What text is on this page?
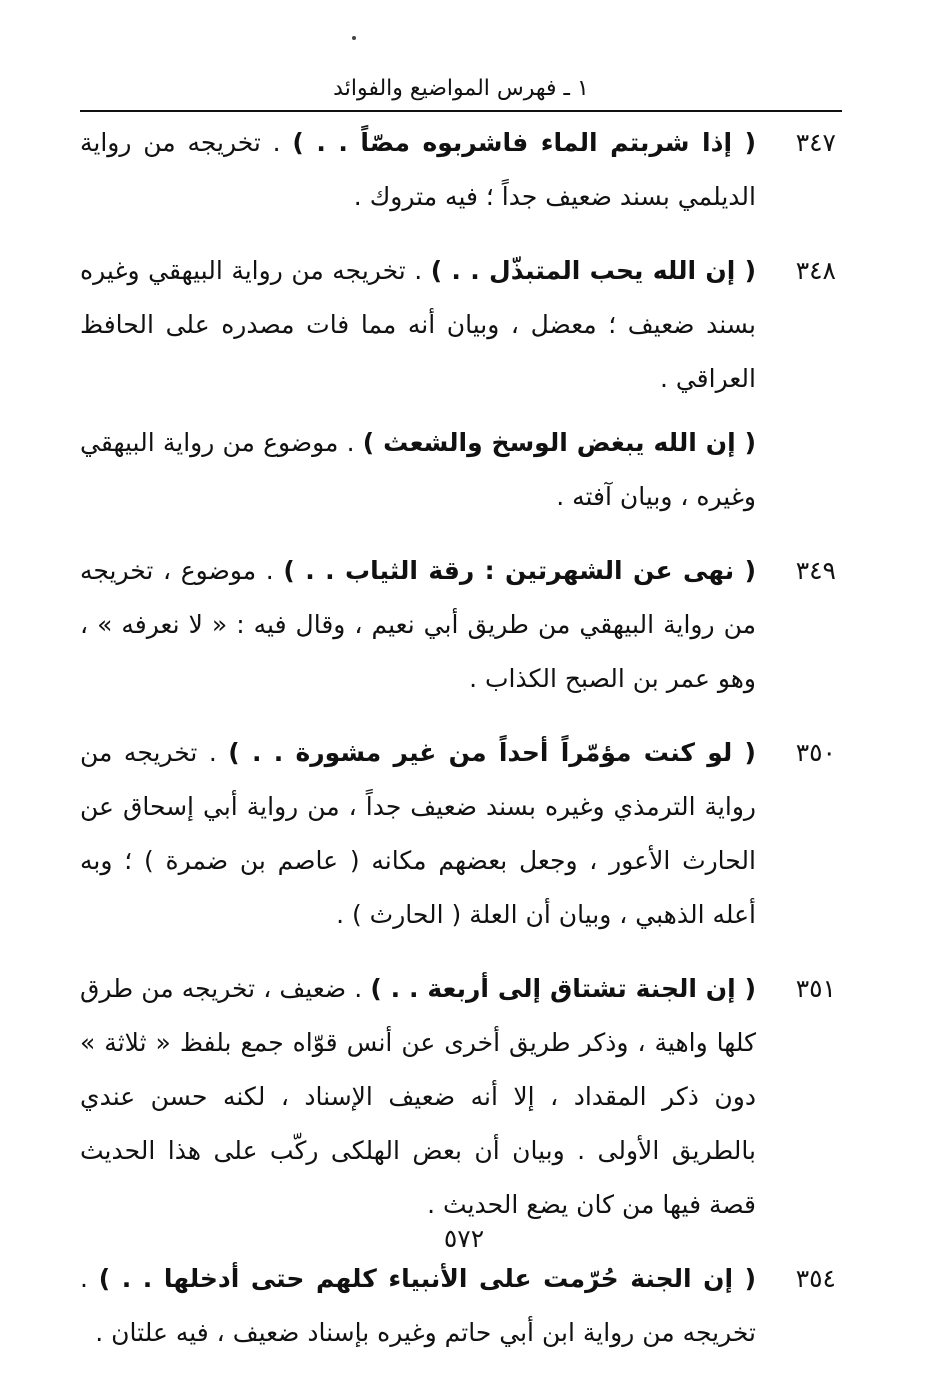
١ ـ فهرس المواضيع والفوائد
٣٤٧

( إذا شربتم الماء فاشربوه مصّاً . . ) . تخريجه من رواية الديلمي بسند ضعيف جداً ؛ فيه متروك .

٣٤٨

( إن الله يحب المتبذّل . . ) . تخريجه من رواية البيهقي وغيره بسند ضعيف ؛ معضل ، وبيان أنه مما فات مصدره على الحافظ العراقي .

( إن الله يبغض الوسخ والشعث ) . موضوع من رواية البيهقي وغيره ، وبيان آفته .

٣٤٩

( نهى عن الشهرتين : رقة الثياب . . ) . موضوع ، تخريجه من رواية البيهقي من طريق أبي نعيم ، وقال فيه : « لا نعرفه » ، وهو عمر بن الصبح الكذاب .

٣٥٠

( لو كنت مؤمّراً أحداً من غير مشورة . . ) . تخريجه من رواية الترمذي وغيره بسند ضعيف جداً ، من رواية أبي إسحاق عن الحارث الأعور ، وجعل بعضهم مكانه ( عاصم بن ضمرة ) ؛ وبه أعله الذهبي ، وبيان أن العلة ( الحارث ) .

٣٥١

( إن الجنة تشتاق إلى أربعة . . ) . ضعيف ، تخريجه من طرق كلها واهية ، وذكر طريق أخرى عن أنس قوّاه جمع بلفظ « ثلاثة » دون ذكر المقداد ، إلا أنه ضعيف الإسناد ، لكنه حسن عندي بالطريق الأولى . وبيان أن بعض الهلكى ركّب على هذا الحديث قصة فيها من كان يضع الحديث .

٣٥٤

( إن الجنة حُرّمت على الأنبياء كلهم حتى أدخلها . . ) . تخريجه من رواية ابن أبي حاتم وغيره بإسناد ضعيف ، فيه علتان .

٥٧٢
